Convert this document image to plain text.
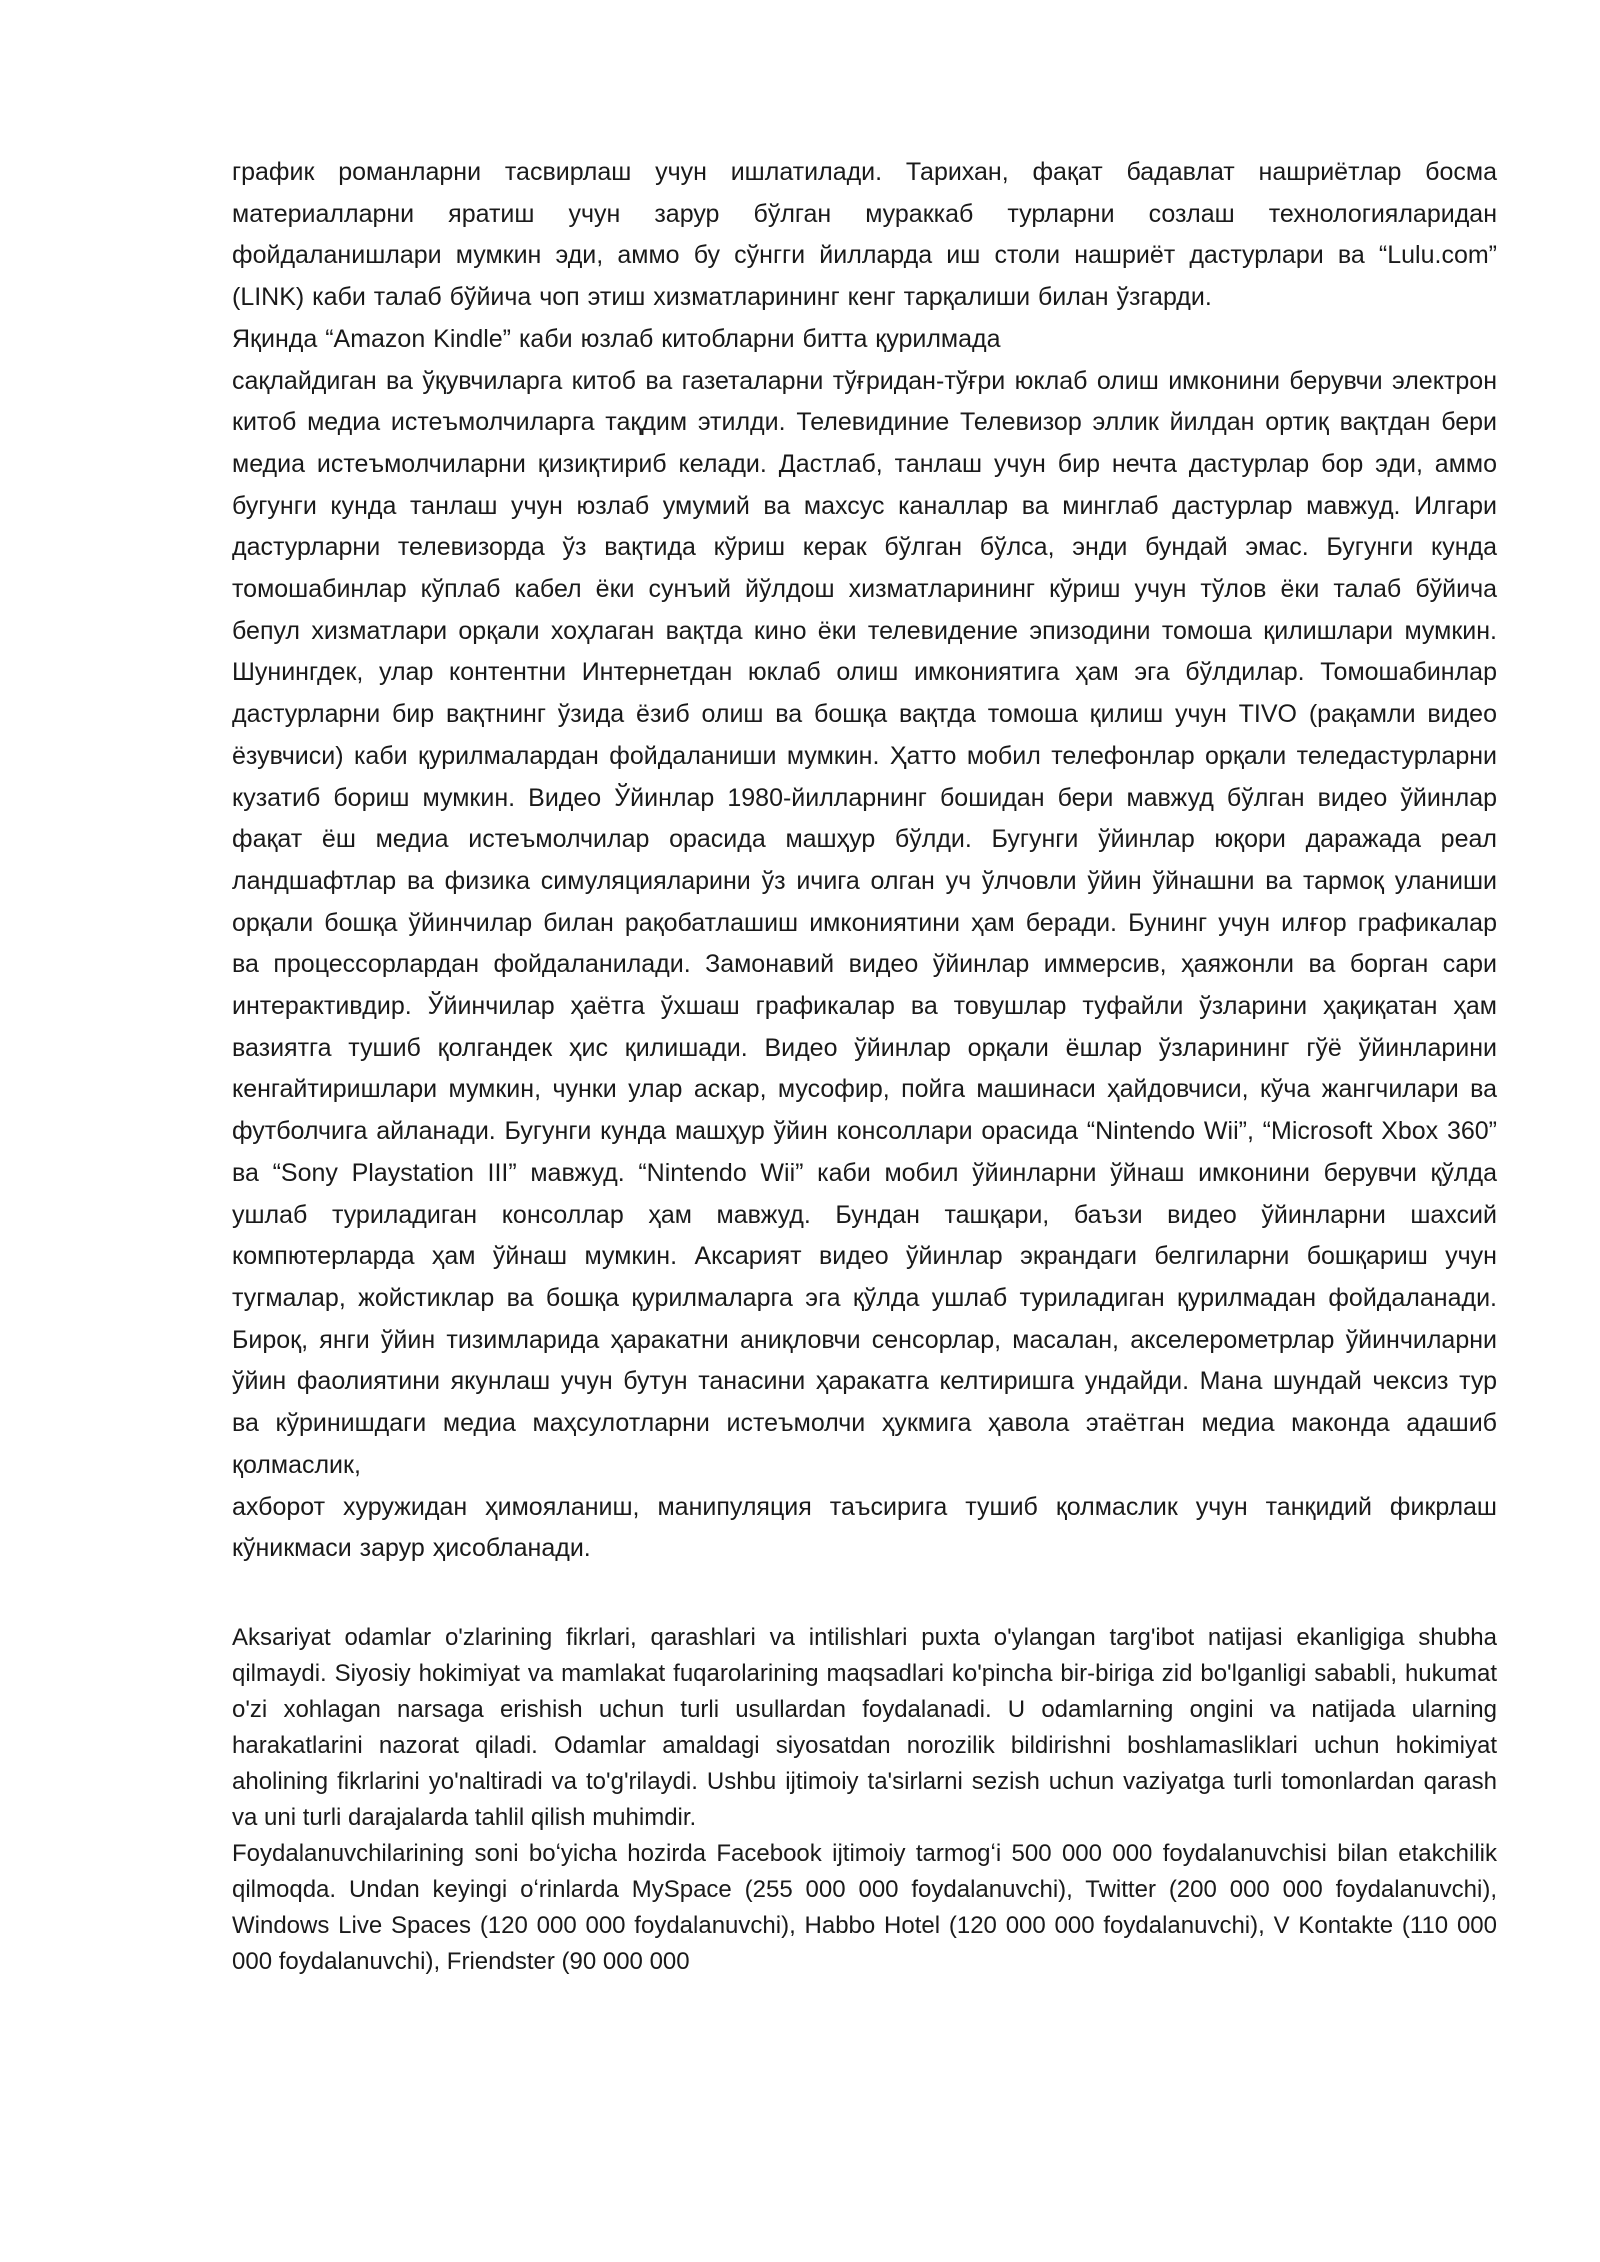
график романларни тасвирлаш учун ишлатилади. Тарихан, фақат бадавлат нашриётлар босма материалларни яратиш учун зарур бўлган мураккаб турларни созлаш технологияларидан фойдаланишлари мумкин эди, аммо бу сўнгги йилларда иш столи нашриёт дастурлари ва “Lulu.com” (LINK) каби талаб бўйича чоп этиш хизматларининг кенг тарқалиши билан ўзгарди.

Яқинда “Amazon Kindle” каби юзлаб китобларни битта қурилмада

сақлайдиган ва ўқувчиларга китоб ва газеталарни тўғридан-тўғри юклаб олиш имконини берувчи электрон китоб медиа истеъмолчиларга тақдим этилди. Телевидиние Телевизор эллик йилдан ортиқ вақтдан бери медиа истеъмолчиларни қизиқтириб келади. Дастлаб, танлаш учун бир нечта дастурлар бор эди, аммо бугунги кунда танлаш учун юзлаб умумий ва махсус каналлар ва минглаб дастурлар мавжуд. Илгари дастурларни телевизорда ўз вақтида кўриш керак бўлган бўлса, энди бундай эмас. Бугунги кунда томошабинлар кўплаб кабел ёки сунъий йўлдош хизматларининг кўриш учун тўлов ёки талаб бўйича бепул хизматлари орқали хоҳлаган вақтда кино ёки телевидение эпизодини томоша қилишлари мумкин. Шунингдек, улар контентни Интернетдан юклаб олиш имкониятига ҳам эга бўлдилар. Томошабинлар дастурларни бир вақтнинг ўзида ёзиб олиш ва бошқа вақтда томоша қилиш учун TIVO (рақамли видео ёзувчиси) каби қурилмалардан фойдаланиши мумкин. Ҳатто мобил телефонлар орқали теледастурларни кузатиб бориш мумкин. Видео Ўйинлар 1980-йилларнинг бошидан бери мавжуд бўлган видео ўйинлар фақат ёш медиа истеъмолчилар орасида машҳур бўлди. Бугунги ўйинлар юқори даражада реал ландшафтлар ва физика симуляцияларини ўз ичига олган уч ўлчовли ўйин ўйнашни ва тармоқ уланиши орқали бошқа ўйинчилар билан рақобатлашиш имкониятини ҳам беради. Бунинг учун илғор графикалар ва процессорлардан фойдаланилади. Замонавий видео ўйинлар иммерсив, ҳаяжонли ва борган сари интерактивдир. Ўйинчилар ҳаётга ўхшаш графикалар ва товушлар туфайли ўзларини ҳақиқатан ҳам вазиятга тушиб қолгандек ҳис қилишади. Видео ўйинлар орқали ёшлар ўзларининг гўё ўйинларини кенгайтиришлари мумкин, чунки улар аскар, мусофир, пойга машинаси ҳайдовчиси, кўча жангчилари ва футболчига айланади. Бугунги кунда машҳур ўйин консоллари орасида “Nintendo Wii”, “Microsoft Xbox 360” ва “Sony Playstation III” мавжуд. “Nintendo Wii” каби мобил ўйинларни ўйнаш имконини берувчи қўлда ушлаб туриладиган консоллар ҳам мавжуд. Бундан ташқари, баъзи видео ўйинларни шахсий компютерларда ҳам ўйнаш мумкин. Аксарият видео ўйинлар экрандаги белгиларни бошқариш учун тугмалар, жойстиклар ва бошқа қурилмаларга эга қўлда ушлаб туриладиган қурилмадан фойдаланади. Бироқ, янги ўйин тизимларида ҳаракатни аниқловчи сенсорлар, масалан, акселерометрлар ўйинчиларни ўйин фаолиятини якунлаш учун бутун танасини ҳаракатга келтиришга ундайди. Мана шундай чексиз тур ва кўринишдаги медиа маҳсулотларни истеъмолчи ҳукмига ҳавола этаётган медиа маконда адашиб қолмаслик,

ахборот хуружидан ҳимояланиш, манипуляция таъсирига тушиб қолмаслик учун танқидий фикрлаш кўникмаси зарур ҳисобланади.

Aksariyat odamlar o'zlarining fikrlari, qarashlari va intilishlari puxta o'ylangan targ'ibot natijasi ekanligiga shubha qilmaydi. Siyosiy hokimiyat va mamlakat fuqarolarining maqsadlari ko'pincha bir-biriga zid bo'lganligi sababli, hukumat o'zi xohlagan narsaga erishish uchun turli usullardan foydalanadi. U odamlarning ongini va natijada ularning harakatlarini nazorat qiladi. Odamlar amaldagi siyosatdan norozilik bildirishni boshlamasliklari uchun hokimiyat aholining fikrlarini yo'naltiradi va to'g'rilaydi. Ushbu ijtimoiy ta'sirlarni sezish uchun vaziyatga turli tomonlardan qarash va uni turli darajalarda tahlil qilish muhimdir.

Foydalanuvchilarining soni boʻyicha hozirda Facebook ijtimoiy tarmogʻi 500 000 000 foydalanuvchisi bilan etakchilik qilmoqda. Undan keyingi oʻrinlarda MySpace (255 000 000 foydalanuvchi), Twitter (200 000 000 foydalanuvchi), Windows Live Spaces (120 000 000 foydalanuvchi), Habbo Hotel (120 000 000 foydalanuvchi), V Kontakte (110 000 000 foydalanuvchi), Friendster (90 000 000
